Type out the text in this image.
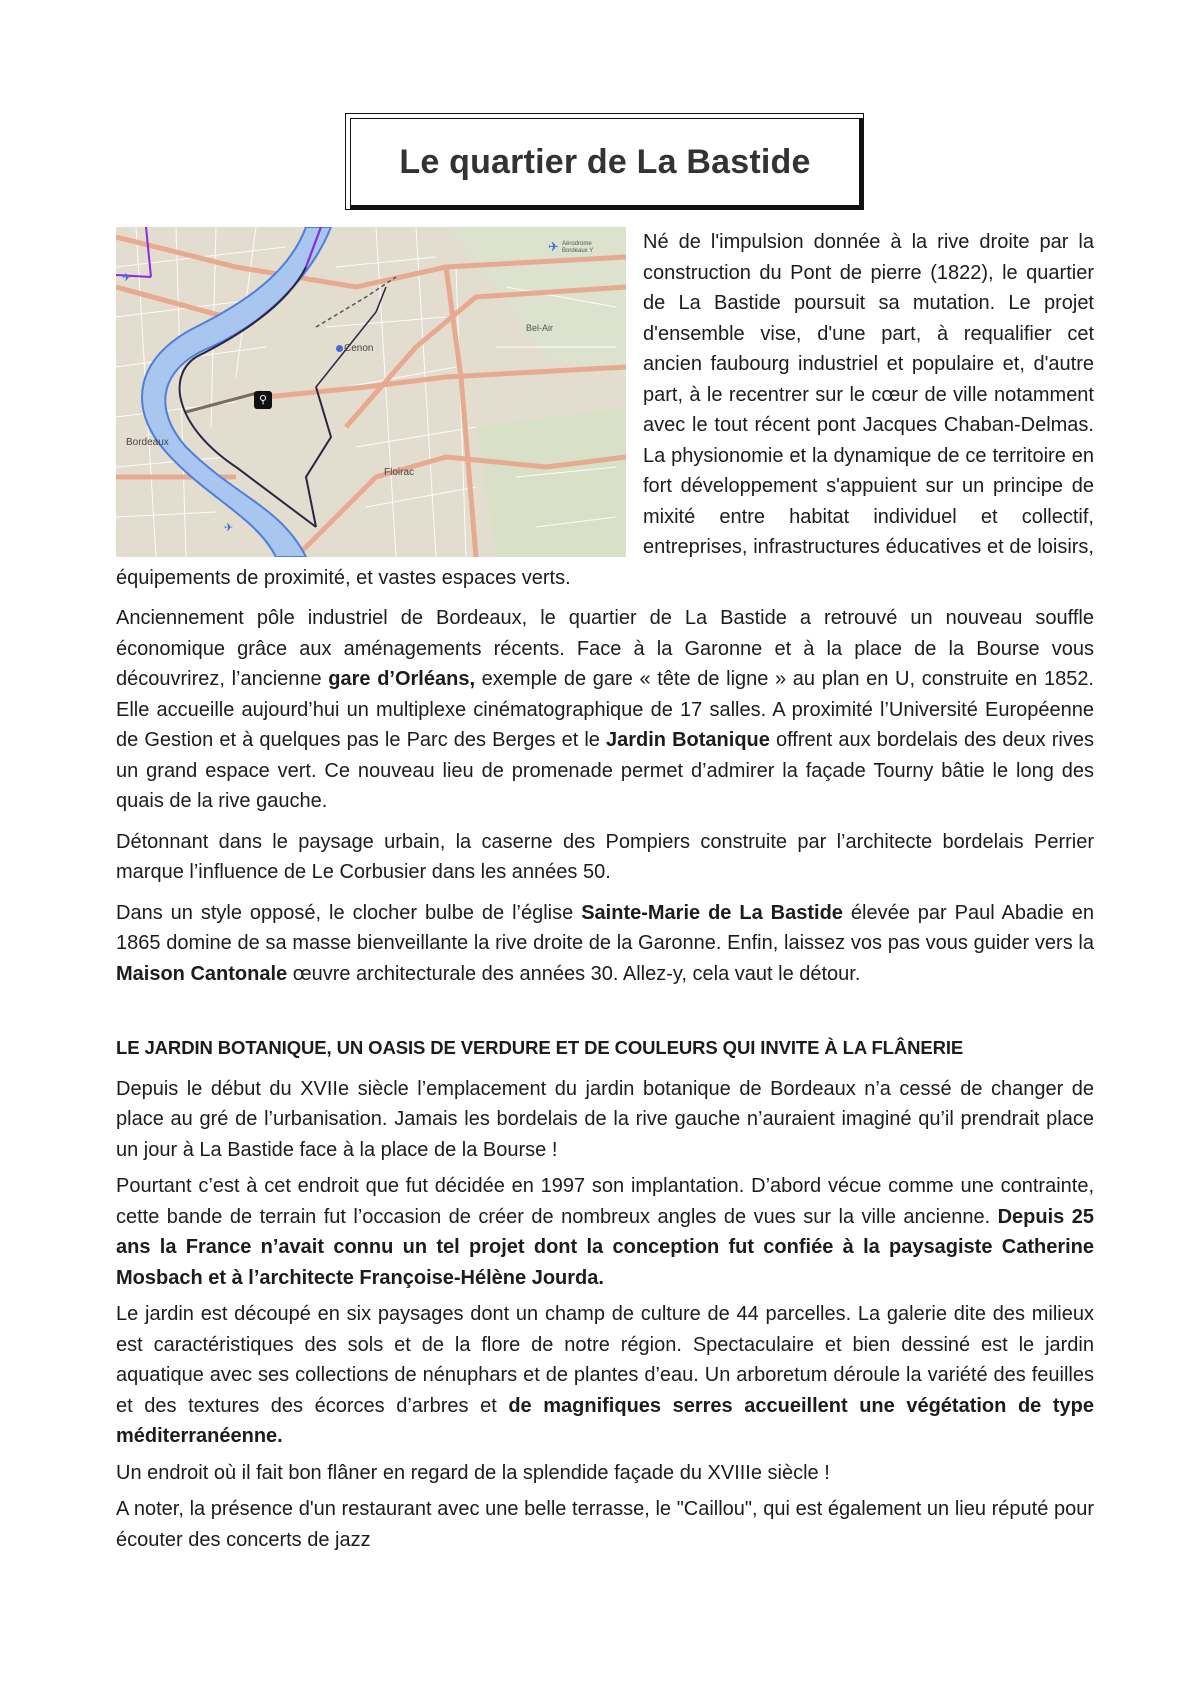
Le quartier de La Bastide
Aérodrome Bordeaux Y
✈
Bel-Air
Cenon
⚲
Bordeaux
Floirac
✈
✈

Né de l'impulsion donnée à la rive droite par la construction du Pont de pierre (1822), le quartier de La Bastide poursuit sa mutation. Le projet d'ensemble vise, d'une part, à requalifier cet ancien faubourg industriel et populaire et, d'autre part, à le recentrer sur le cœur de ville notamment avec le tout récent pont Jacques Chaban-Delmas. La physionomie et la dynamique de ce territoire en fort développement s'appuient sur un principe de mixité entre habitat individuel et collectif, entreprises, infrastructures éducatives et de loisirs, équipements de proximité, et vastes espaces verts.

Anciennement pôle industriel de Bordeaux, le quartier de La Bastide a retrouvé un nouveau souffle économique grâce aux aménagements récents. Face à la Garonne et à la place de la Bourse vous découvrirez, l’ancienne gare d’Orléans, exemple de gare « tête de ligne » au plan en U, construite en 1852. Elle accueille aujourd’hui un multiplexe cinématographique de 17 salles. A proximité l’Université Européenne de Gestion et à quelques pas le Parc des Berges et le Jardin Botanique offrent aux bordelais des deux rives un grand espace vert. Ce nouveau lieu de promenade permet d’admirer la façade Tourny bâtie le long des quais de la rive gauche.

Détonnant dans le paysage urbain, la caserne des Pompiers construite par l’architecte bordelais Perrier marque l’influence de Le Corbusier dans les années 50.

Dans un style opposé, le clocher bulbe de l’église Sainte-Marie de La Bastide élevée par Paul Abadie en 1865 domine de sa masse bienveillante la rive droite de la Garonne. Enfin, laissez vos pas vous guider vers la Maison Cantonale œuvre architecturale des années 30. Allez-y, cela vaut le détour.

LE JARDIN BOTANIQUE, UN OASIS DE VERDURE ET DE COULEURS QUI INVITE À LA FLÂNERIE

Depuis le début du XVIIe siècle l’emplacement du jardin botanique de Bordeaux n’a cessé de changer de place au gré de l’urbanisation. Jamais les bordelais de la rive gauche n’auraient imaginé qu’il prendrait place un jour à La Bastide face à la place de la Bourse !

Pourtant c’est à cet endroit que fut décidée en 1997 son implantation. D’abord vécue comme une contrainte, cette bande de terrain fut l’occasion de créer de nombreux angles de vues sur la ville ancienne. Depuis 25 ans la France n’avait connu un tel projet dont la conception fut confiée à la paysagiste Catherine Mosbach et à l’architecte Françoise-Hélène Jourda.

Le jardin est découpé en six paysages dont un champ de culture de 44 parcelles. La galerie dite des milieux est caractéristiques des sols et de la flore de notre région. Spectaculaire et bien dessiné est le jardin aquatique avec ses collections de nénuphars et de plantes d’eau. Un arboretum déroule la variété des feuilles et des textures des écorces d’arbres et de magnifiques serres accueillent une végétation de type méditerranéenne.

Un endroit où il fait bon flâner en regard de la splendide façade du XVIIIe siècle !

A noter, la présence d'un restaurant avec une belle terrasse, le "Caillou", qui est également un lieu réputé pour écouter des concerts de jazz
